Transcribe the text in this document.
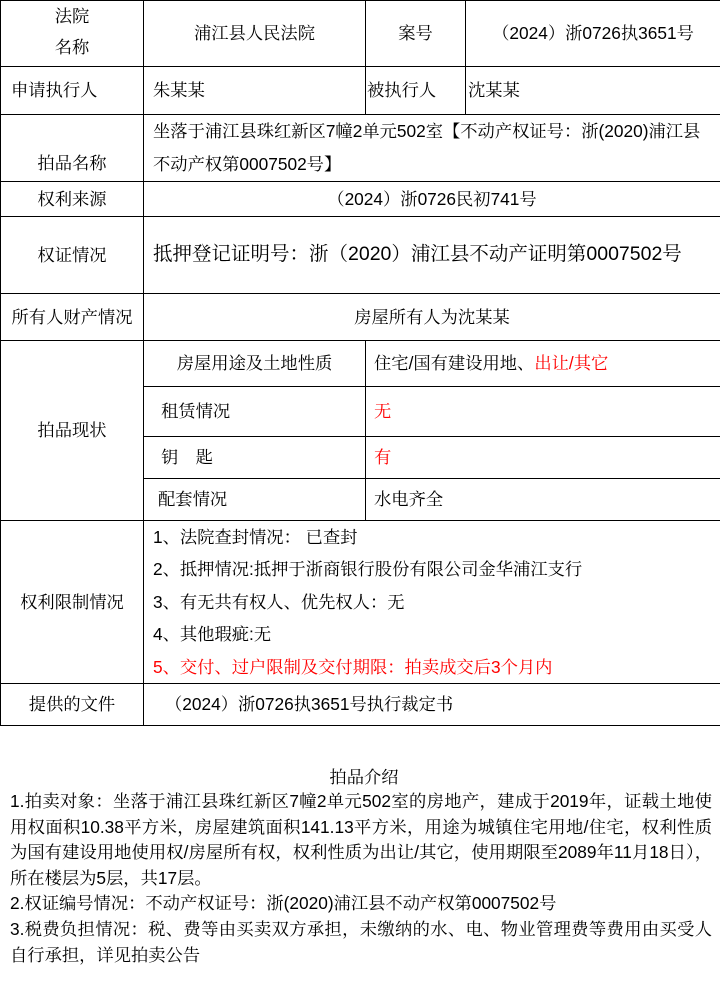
法院
名称	浦江县人民法院	案号	（2024）浙0726执3651号
申请执行人	朱某某	被执行人	沈某某
拍品名称	坐落于浦江县珠红新区7幢2单元502室【不动产权证号：浙(2020)浦江县不动产权第0007502号】		
权利来源	（2024）浙0726民初741号		
权证情况	抵押登记证明号：浙（2020）浦江县不动产证明第0007502号		
所有人财产情况	房屋所有人为沈某某		
拍品现状	房屋用途及土地性质	住宅/国有建设用地、出让/其它	
	租赁情况	无	
	钥　匙	有	
	配套情况	水电齐全	
权利限制情况	1、法院查封情况： 已查封
2、抵押情况:抵押于浙商银行股份有限公司金华浦江支行
3、有无共有权人、优先权人：无
4、其他瑕疵:无
5、交付、过户限制及交付期限：拍卖成交后3个月内		

提供的文件	（2024）浙0726执3651号执行裁定书		
拍品介绍
1.拍卖对象：坐落于浦江县珠红新区7幢2单元502室的房地产，建成于2019年，证载土地使用权面积10.38平方米，房屋建筑面积141.13平方米，用途为城镇住宅用地/住宅，权利性质为国有建设用地使用权/房屋所有权，权利性质为出让/其它，使用期限至2089年11月18日），所在楼层为5层，共17层。
2.权证编号情况：不动产权证号：浙(2020)浦江县不动产权第0007502号
3.税费负担情况：税、费等由买卖双方承担，未缴纳的水、电、物业管理费等费用由买受人自行承担，详见拍卖公告
